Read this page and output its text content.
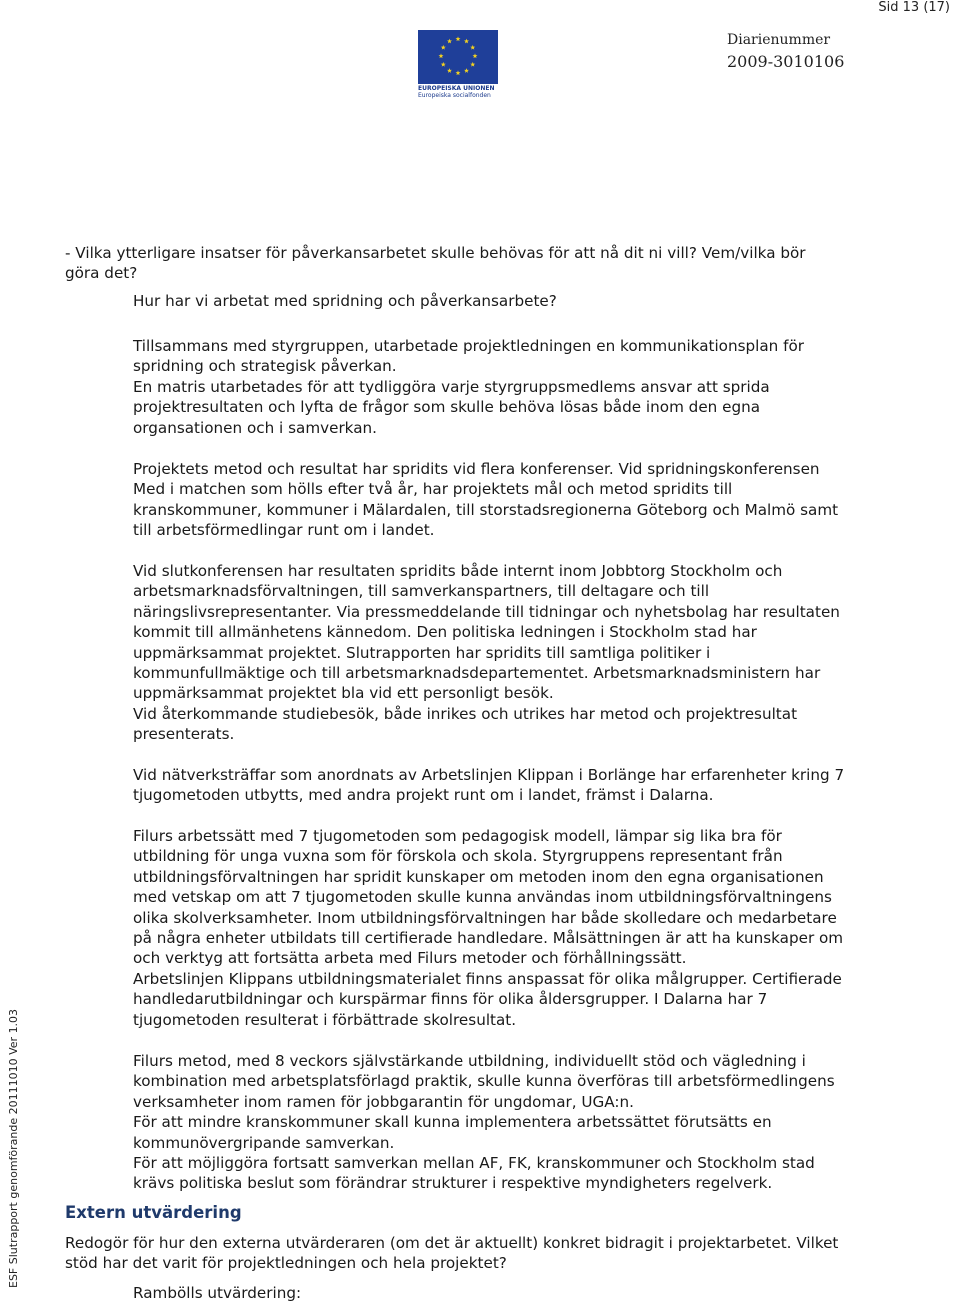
Sid 13 (17)
EUROPEISKA UNIONEN
Europeiska socialfonden
Diarienummer
2009-3010106
ESF Slutrapport genomförande 20111010 Ver 1.03
- Vilka ytterligare insatser för påverkansarbetet skulle behövas för att nå dit ni vill? Vem/vilka bör
göra det?
Hur har vi arbetat med spridning och påverkansarbete?
Tillsammans med styrgruppen, utarbetade projektledningen en kommunikationsplan för
spridning och strategisk påverkan.
En matris utarbetades för att tydliggöra varje styrgruppsmedlems ansvar att sprida
projektresultaten och lyfta de frågor som skulle behöva lösas både inom den egna
organsationen och i samverkan.
Projektets metod och resultat har spridits vid flera konferenser. Vid spridningskonferensen
Med i matchen som hölls efter två år, har projektets mål och metod spridits till
kranskommuner, kommuner i Mälardalen, till storstadsregionerna Göteborg och Malmö samt
till arbetsförmedlingar runt om i landet.
Vid slutkonferensen har resultaten spridits både internt inom Jobbtorg Stockholm och
arbetsmarknadsförvaltningen, till samverkanspartners, till deltagare och till
näringslivsrepresentanter. Via pressmeddelande till tidningar och nyhetsbolag har resultaten
kommit till allmänhetens kännedom. Den politiska ledningen i Stockholm stad har
uppmärksammat projektet. Slutrapporten har spridits till samtliga politiker i
kommunfullmäktige och till arbetsmarknadsdepartementet. Arbetsmarknadsministern har
uppmärksammat projektet bla vid ett personligt besök.
Vid återkommande studiebesök, både inrikes och utrikes har metod och projektresultat
presenterats.
Vid nätverksträffar som anordnats av Arbetslinjen Klippan i Borlänge har erfarenheter kring 7
tjugometoden utbytts, med andra projekt runt om i landet, främst i Dalarna.
Filurs arbetssätt med 7 tjugometoden som pedagogisk modell, lämpar sig lika bra för
utbildning för unga vuxna som för förskola och skola. Styrgruppens representant från
utbildningsförvaltningen har spridit kunskaper om metoden inom den egna organisationen
med vetskap om att 7 tjugometoden skulle kunna användas inom utbildningsförvaltningens
olika skolverksamheter. Inom utbildningsförvaltningen har både skolledare och medarbetare
på några enheter utbildats till certifierade handledare. Målsättningen är att ha kunskaper om
och verktyg att fortsätta arbeta med Filurs metoder och förhållningssätt.
Arbetslinjen Klippans utbildningsmaterialet finns anspassat för olika målgrupper. Certifierade
handledarutbildningar och kurspärmar finns för olika åldersgrupper. I Dalarna har 7
tjugometoden resulterat i förbättrade skolresultat.
Filurs metod, med 8 veckors självstärkande utbildning, individuellt stöd och vägledning i
kombination med arbetsplatsförlagd praktik, skulle kunna överföras till arbetsförmedlingens
verksamheter inom ramen för jobbgarantin för ungdomar, UGA:n.
För att mindre kranskommuner skall kunna implementera arbetssättet förutsätts en
kommunövergripande samverkan.
För att möjliggöra fortsatt samverkan mellan AF, FK, kranskommuner och Stockholm stad
krävs politiska beslut som förändrar strukturer i respektive myndigheters regelverk.
Extern utvärdering
Redogör för hur den externa utvärderaren (om det är aktuellt) konkret bidragit i projektarbetet. Vilket
stöd har det varit för projektledningen och hela projektet?
Rambölls utvärdering:
